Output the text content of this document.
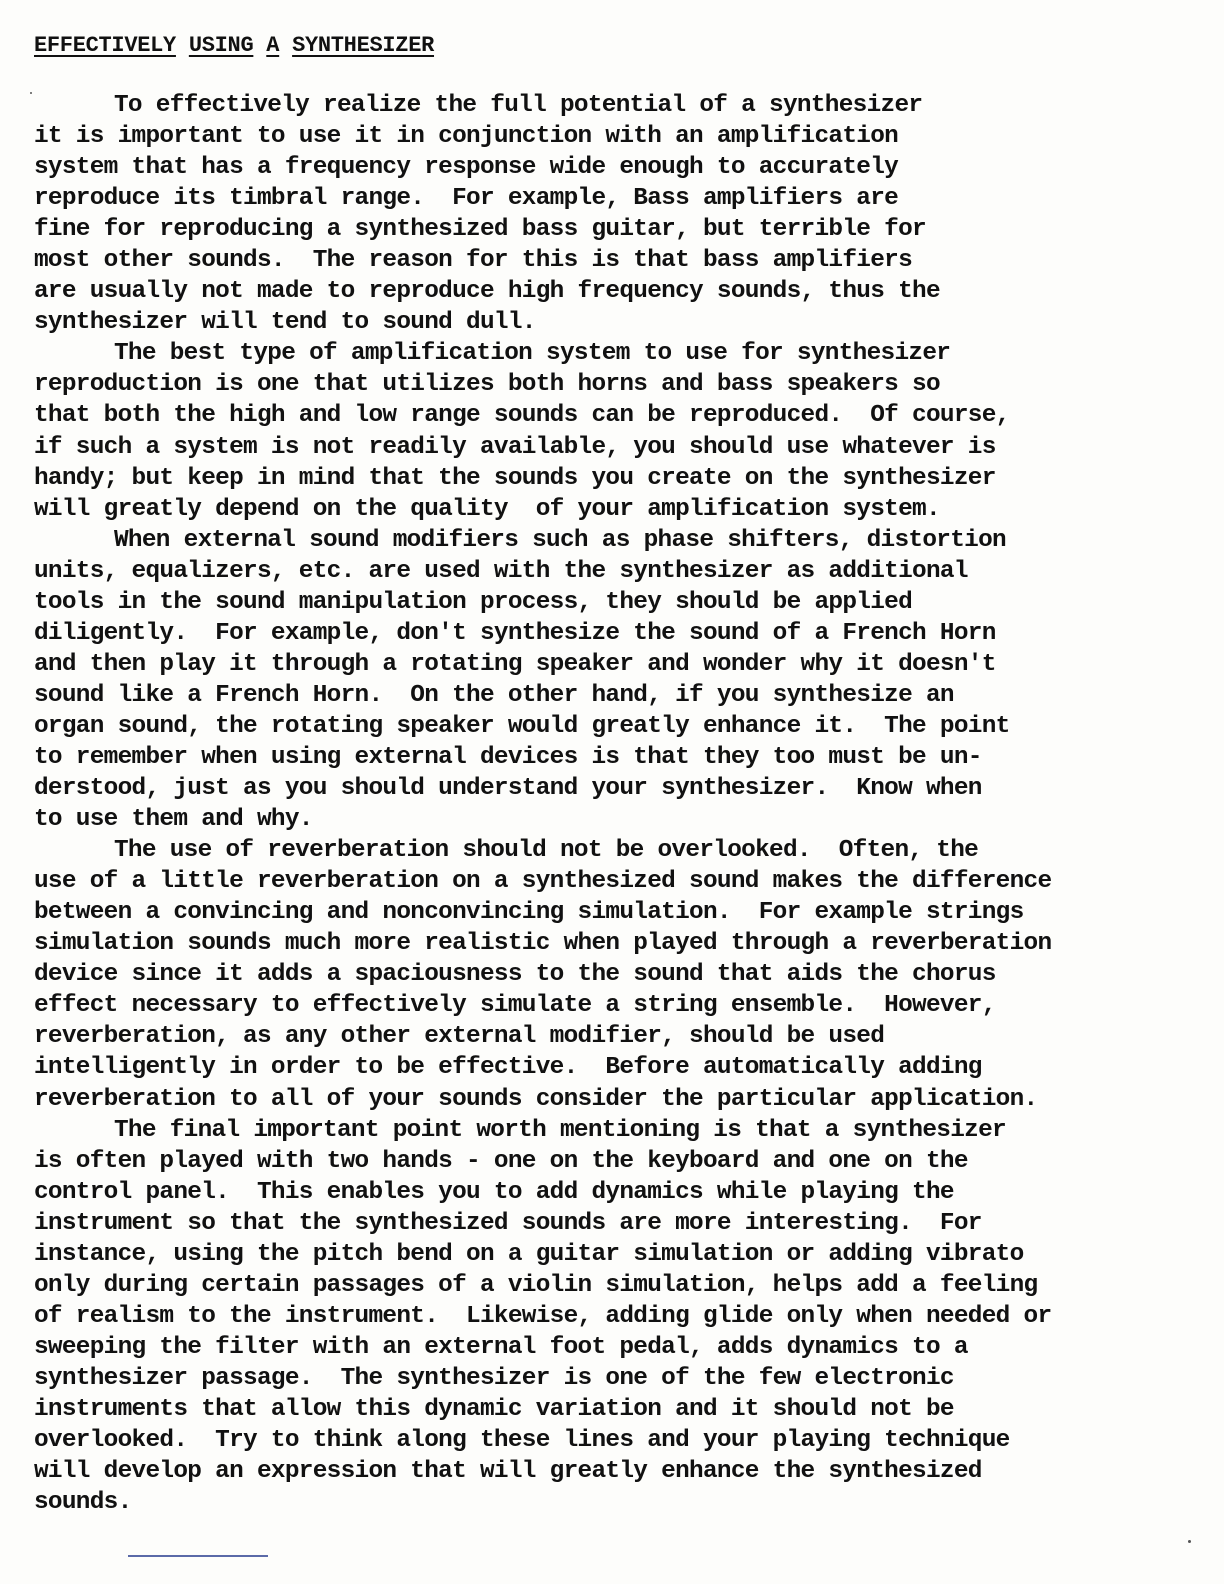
EFFECTIVELY USING A SYNTHESIZER
To effectively realize the full potential of a synthesizer
it is important to use it in conjunction with an amplification
system that has a frequency response wide enough to accurately
reproduce its timbral range.  For example, Bass amplifiers are
fine for reproducing a synthesized bass guitar, but terrible for
most other sounds.  The reason for this is that bass amplifiers
are usually not made to reproduce high frequency sounds, thus the
synthesizer will tend to sound dull.
The best type of amplification system to use for synthesizer
reproduction is one that utilizes both horns and bass speakers so
that both the high and low range sounds can be reproduced.  Of course,
if such a system is not readily available, you should use whatever is
handy; but keep in mind that the sounds you create on the synthesizer
will greatly depend on the quality  of your amplification system.
When external sound modifiers such as phase shifters, distortion
units, equalizers, etc. are used with the synthesizer as additional
tools in the sound manipulation process, they should be applied
diligently.  For example, don't synthesize the sound of a French Horn
and then play it through a rotating speaker and wonder why it doesn't
sound like a French Horn.  On the other hand, if you synthesize an
organ sound, the rotating speaker would greatly enhance it.  The point
to remember when using external devices is that they too must be un-
derstood, just as you should understand your synthesizer.  Know when
to use them and why.
The use of reverberation should not be overlooked.  Often, the
use of a little reverberation on a synthesized sound makes the difference
between a convincing and nonconvincing simulation.  For example strings
simulation sounds much more realistic when played through a reverberation
device since it adds a spaciousness to the sound that aids the chorus
effect necessary to effectively simulate a string ensemble.  However,
reverberation, as any other external modifier, should be used
intelligently in order to be effective.  Before automatically adding
reverberation to all of your sounds consider the particular application.
The final important point worth mentioning is that a synthesizer
is often played with two hands - one on the keyboard and one on the
control panel.  This enables you to add dynamics while playing the
instrument so that the synthesized sounds are more interesting.  For
instance, using the pitch bend on a guitar simulation or adding vibrato
only during certain passages of a violin simulation, helps add a feeling
of realism to the instrument.  Likewise, adding glide only when needed or
sweeping the filter with an external foot pedal, adds dynamics to a
synthesizer passage.  The synthesizer is one of the few electronic
instruments that allow this dynamic variation and it should not be
overlooked.  Try to think along these lines and your playing technique
will develop an expression that will greatly enhance the synthesized
sounds.
